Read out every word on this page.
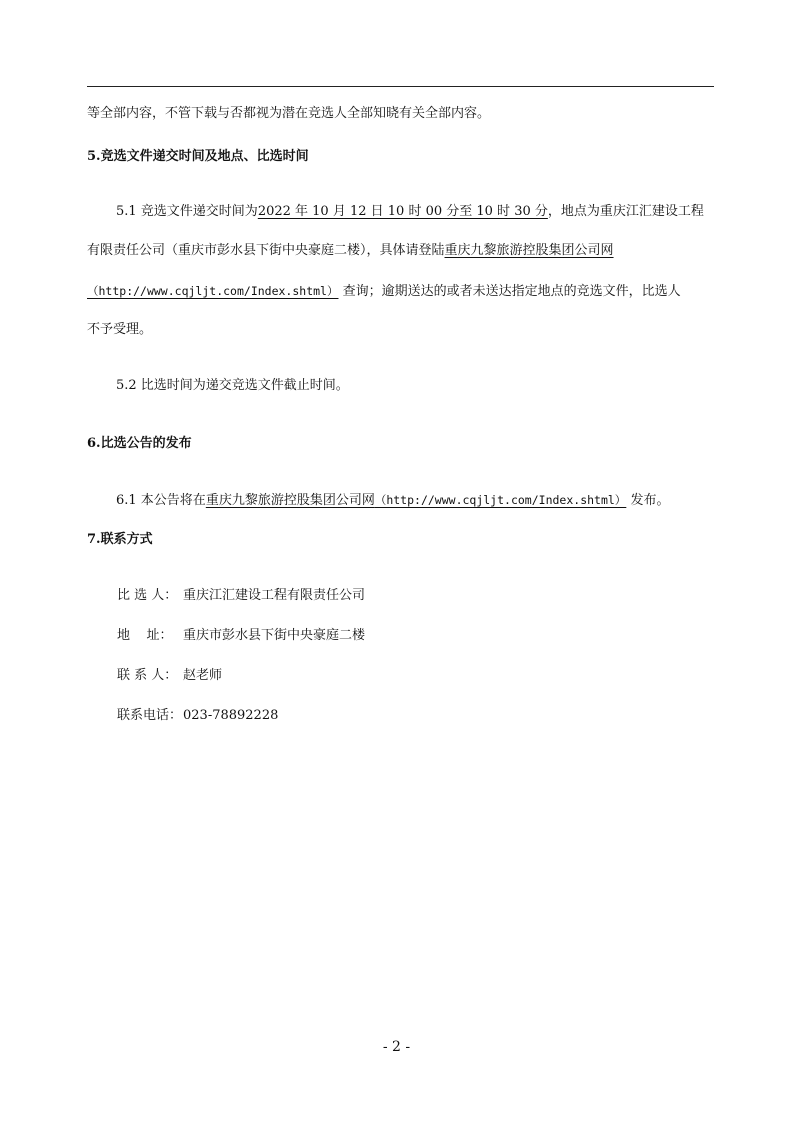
等全部内容，不管下载与否都视为潜在竞选人全部知晓有关全部内容。
5.竞选文件递交时间及地点、比选时间
5.1 竞选文件递交时间为2022 年 10 月 12 日 10 时 00 分至 10 时 30 分，地点为重庆江汇建设工程
有限责任公司（重庆市彭水县下街中央豪庭二楼），具体请登陆重庆九黎旅游控股集团公司网
（http://www.cqjljt.com/Index.shtml） 查询；逾期送达的或者未送达指定地点的竞选文件，比选人
不予受理。
5.2 比选时间为递交竞选文件截止时间。
6.比选公告的发布
6.1 本公告将在重庆九黎旅游控股集团公司网（http://www.cqjljt.com/Index.shtml） 发布。
7.联系方式
比 选 人： 重庆江汇建设工程有限责任公司
地    址： 重庆市彭水县下街中央豪庭二楼
联 系 人： 赵老师
联系电话：023-78892228
- 2 -
